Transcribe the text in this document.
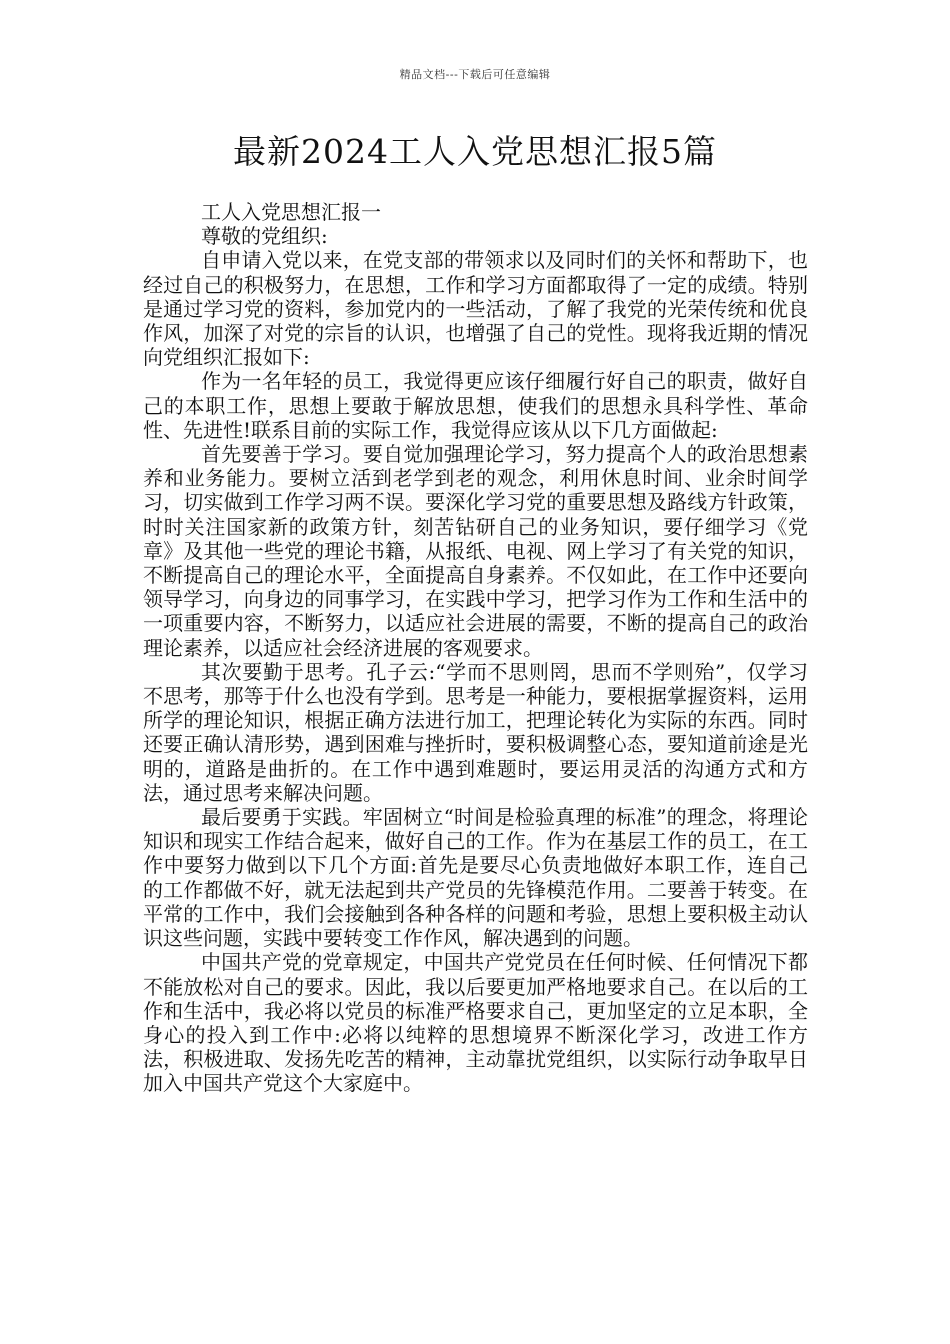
精品文档---下载后可任意编辑
最新2024工人入党思想汇报5篇

工人入党思想汇报一

尊敬的党组织:

自申请入党以来，在党支部的带领求以及同时们的关怀和帮助下，也经过自己的积极努力，在思想，工作和学习方面都取得了一定的成绩。特别是通过学习党的资料，参加党内的一些活动，了解了我党的光荣传统和优良作风，加深了对党的宗旨的认识，也增强了自己的党性。现将我近期的情况向党组织汇报如下:

作为一名年轻的员工，我觉得更应该仔细履行好自己的职责，做好自己的本职工作，思想上要敢于解放思想，使我们的思想永具科学性、革命性、先进性!联系目前的实际工作，我觉得应该从以下几方面做起:

首先要善于学习。要自觉加强理论学习，努力提高个人的政治思想素养和业务能力。要树立活到老学到老的观念，利用休息时间、业余时间学习，切实做到工作学习两不误。要深化学习党的重要思想及路线方针政策，时时关注国家新的政策方针，刻苦钻研自己的业务知识，要仔细学习《党章》及其他一些党的理论书籍，从报纸、电视、网上学习了有关党的知识，不断提高自己的理论水平，全面提高自身素养。不仅如此，在工作中还要向领导学习，向身边的同事学习，在实践中学习，把学习作为工作和生活中的一项重要内容，不断努力，以适应社会进展的需要，不断的提高自己的政治理论素养，以适应社会经济进展的客观要求。

其次要勤于思考。孔子云:“学而不思则罔，思而不学则殆”，仅学习不思考，那等于什么也没有学到。思考是一种能力，要根据掌握资料，运用所学的理论知识，根据正确方法进行加工，把理论转化为实际的东西。同时还要正确认清形势，遇到困难与挫折时，要积极调整心态，要知道前途是光明的，道路是曲折的。在工作中遇到难题时，要运用灵活的沟通方式和方法，通过思考来解决问题。

最后要勇于实践。牢固树立“时间是检验真理的标准”的理念，将理论知识和现实工作结合起来，做好自己的工作。作为在基层工作的员工，在工作中要努力做到以下几个方面:首先是要尽心负责地做好本职工作，连自己的工作都做不好，就无法起到共产党员的先锋模范作用。二要善于转变。在平常的工作中，我们会接触到各种各样的问题和考验，思想上要积极主动认识这些问题，实践中要转变工作作风，解决遇到的问题。

中国共产党的党章规定，中国共产党党员在任何时候、任何情况下都不能放松对自己的要求。因此，我以后要更加严格地要求自己。在以后的工作和生活中，我必将以党员的标准严格要求自己，更加坚定的立足本职，全身心的投入到工作中:必将以纯粹的思想境界不断深化学习，改进工作方法，积极进取、发扬先吃苦的精神，主动靠扰党组织，以实际行动争取早日加入中国共产党这个大家庭中。
